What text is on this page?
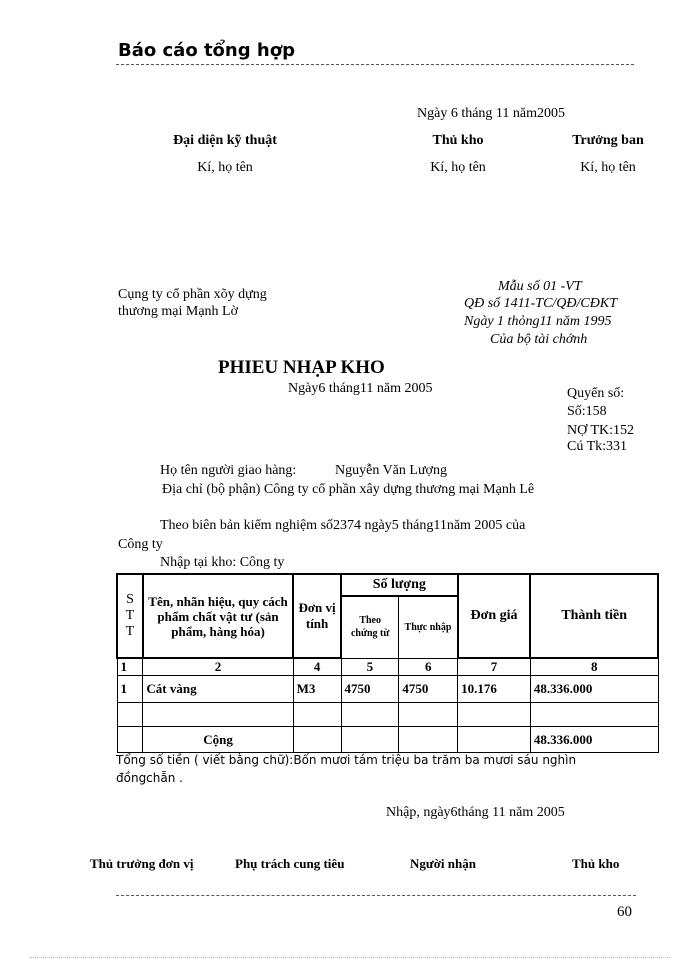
Báo cáo tổng hợp
Ngày 6 tháng 11 năm2005
Đại diện kỹ thuật
Kí, họ tên
Thủ kho
Kí, họ tên
Trưởng ban
Kí, họ tên
Cụng ty cổ phần xõy dựng
thương mại Mạnh Lờ
Mẫu số 01 -VT
QĐ số 1411-TC/QĐ/CĐKT
Ngày 1 thỏng11 năm 1995
Của bộ tài chớnh
PHIEU NHẠP KHO
Ngày6 tháng11 năm 2005	Quyển số:
Số:158
NỢ TK:152
Cú Tk:331
Họ tên người giao hàng:	Nguyễn Văn Lượng
Địa chỉ (bộ phận) Công ty cổ phần xây dựng thương mại Mạnh Lê
Theo biên bản kiểm nghiệm số2374 ngày5 tháng11năm 2005 của
Công ty
Nhập tại kho: Công ty
S
T
T	Tên, nhãn hiệu, quy cách phẩm chất vật tư (sản phẩm, hàng hóa)	Đơn vị tính	Số lượng		Đơn giá	Thành tiền
			Theo chứng từ	Thực nhập		
1	2	4	5	6	7	8
1	Cát vàng	M3	4750	4750	10.176	48.336.000

	Cộng					48.336.000
Tổng số tiền ( viết bằng chữ):Bốn mươi tám triệu ba trăm ba mươi sáu nghìn
đồngchẵn .
Nhập, ngày6tháng 11 năm 2005
Thủ trưởng đơn vị	Phụ trách cung tiêu	Người nhận	Thủ kho
60
